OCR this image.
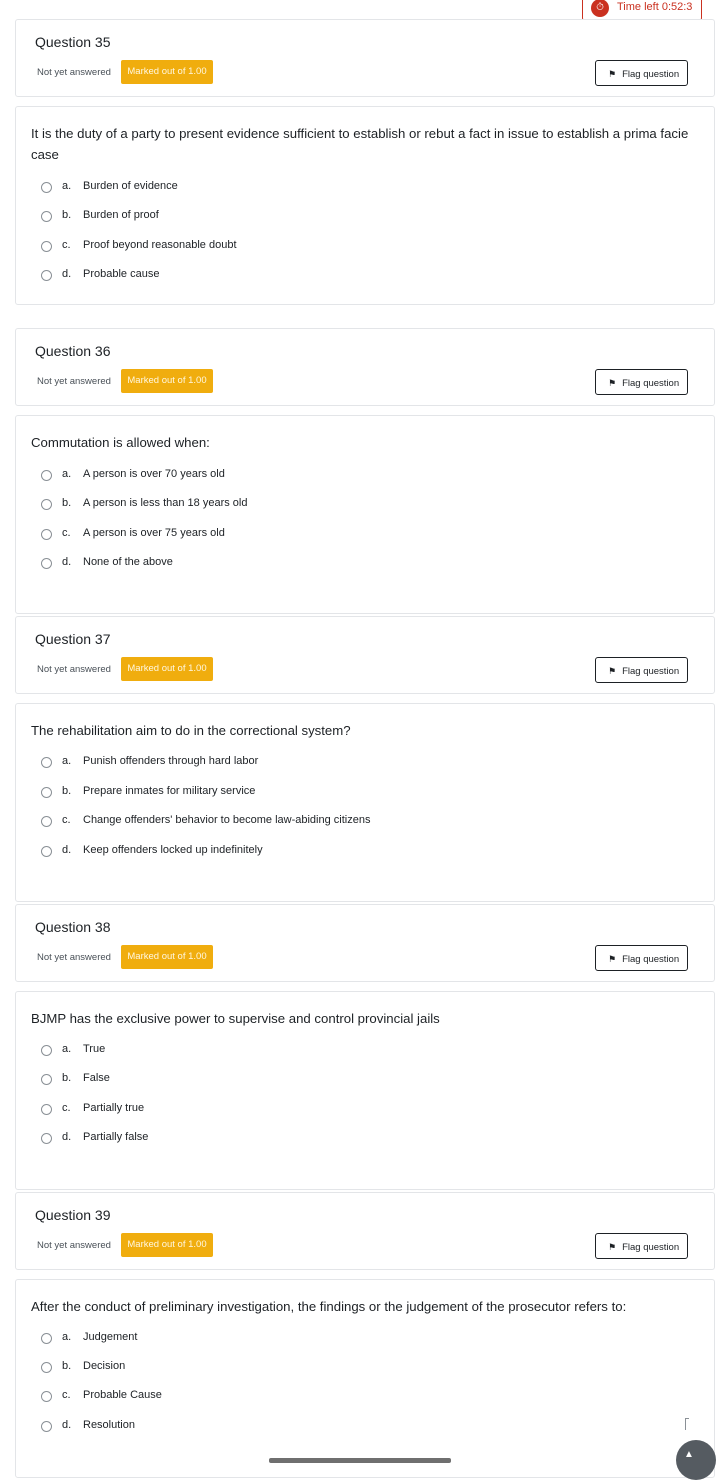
⏱	Time left 0:52:3
Question 35
Not yet answered	Marked out of 1.00	⚑ Flag question
It is the duty of a party to present evidence sufficient to establish or rebut a fact in issue to establish a prima facie case
a. Burden of evidence
b. Burden of proof
c. Proof beyond reasonable doubt
d. Probable cause
Question 36
Not yet answered	Marked out of 1.00	⚑ Flag question
Commutation is allowed when:
a. A person is over 70 years old
b. A person is less than 18 years old
c. A person is over 75 years old
d. None of the above
Question 37
Not yet answered	Marked out of 1.00	⚑ Flag question
The rehabilitation aim to do in the correctional system?
a. Punish offenders through hard labor
b. Prepare inmates for military service
c. Change offenders' behavior to become law-abiding citizens
d. Keep offenders locked up indefinitely
Question 38
Not yet answered	Marked out of 1.00	⚑ Flag question
BJMP has the exclusive power to supervise and control provincial jails
a. True
b. False
c. Partially true
d. Partially false
Question 39
Not yet answered	Marked out of 1.00	⚑ Flag question
After the conduct of preliminary investigation, the findings or the judgement of the prosecutor refers to:
a. Judgement
b. Decision
c. Probable Cause
d. Resolution
▲
